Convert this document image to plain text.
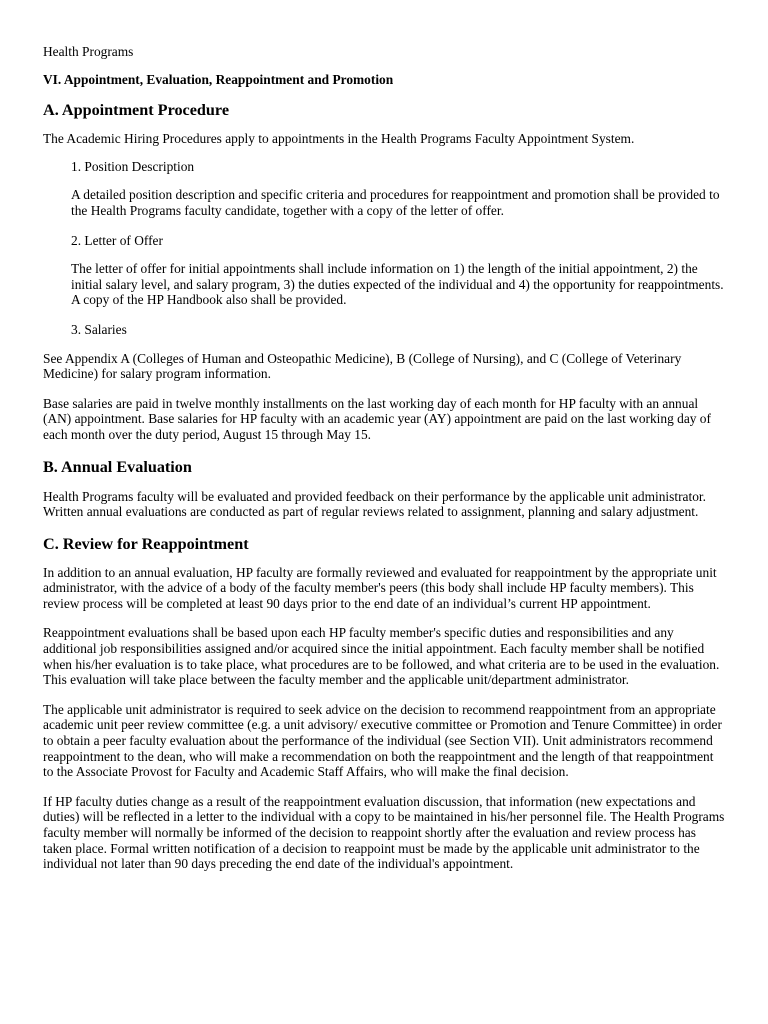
Health Programs

VI. Appointment, Evaluation, Reappointment and Promotion

A. Appointment Procedure

The Academic Hiring Procedures apply to appointments in the Health Programs Faculty Appointment System.

1. Position Description

A detailed position description and specific criteria and procedures for reappointment and promotion shall be provided to the Health Programs faculty candidate, together with a copy of the letter of offer.

2. Letter of Offer

The letter of offer for initial appointments shall include information on 1) the length of the initial appointment, 2) the initial salary level, and salary program, 3) the duties expected of the individual and 4) the opportunity for reappointments. A copy of the HP Handbook also shall be provided.

3. Salaries

See Appendix A (Colleges of Human and Osteopathic Medicine), B (College of Nursing), and C (College of Veterinary Medicine) for salary program information.

Base salaries are paid in twelve monthly installments on the last working day of each month for HP faculty with an annual (AN) appointment. Base salaries for HP faculty with an academic year (AY) appointment are paid on the last working day of each month over the duty period, August 15 through May 15.

B. Annual Evaluation

Health Programs faculty will be evaluated and provided feedback on their performance by the applicable unit administrator. Written annual evaluations are conducted as part of regular reviews related to assignment, planning and salary adjustment.

C. Review for Reappointment

In addition to an annual evaluation, HP faculty are formally reviewed and evaluated for reappointment by the appropriate unit administrator, with the advice of a body of the faculty member's peers (this body shall include HP faculty members). This review process will be completed at least 90 days prior to the end date of an individual’s current HP appointment.

Reappointment evaluations shall be based upon each HP faculty member's specific duties and responsibilities and any additional job responsibilities assigned and/or acquired since the initial appointment. Each faculty member shall be notified when his/her evaluation is to take place, what procedures are to be followed, and what criteria are to be used in the evaluation. This evaluation will take place between the faculty member and the applicable unit/department administrator.

The applicable unit administrator is required to seek advice on the decision to recommend reappointment from an appropriate academic unit peer review committee (e.g. a unit advisory/ executive committee or Promotion and Tenure Committee) in order to obtain a peer faculty evaluation about the performance of the individual (see Section VII). Unit administrators recommend reappointment to the dean, who will make a recommendation on both the reappointment and the length of that reappointment to the Associate Provost for Faculty and Academic Staff Affairs, who will make the final decision.

If HP faculty duties change as a result of the reappointment evaluation discussion, that information (new expectations and duties) will be reflected in a letter to the individual with a copy to be maintained in his/her personnel file. The Health Programs faculty member will normally be informed of the decision to reappoint shortly after the evaluation and review process has taken place. Formal written notification of a decision to reappoint must be made by the applicable unit administrator to the individual not later than 90 days preceding the end date of the individual's appointment.
